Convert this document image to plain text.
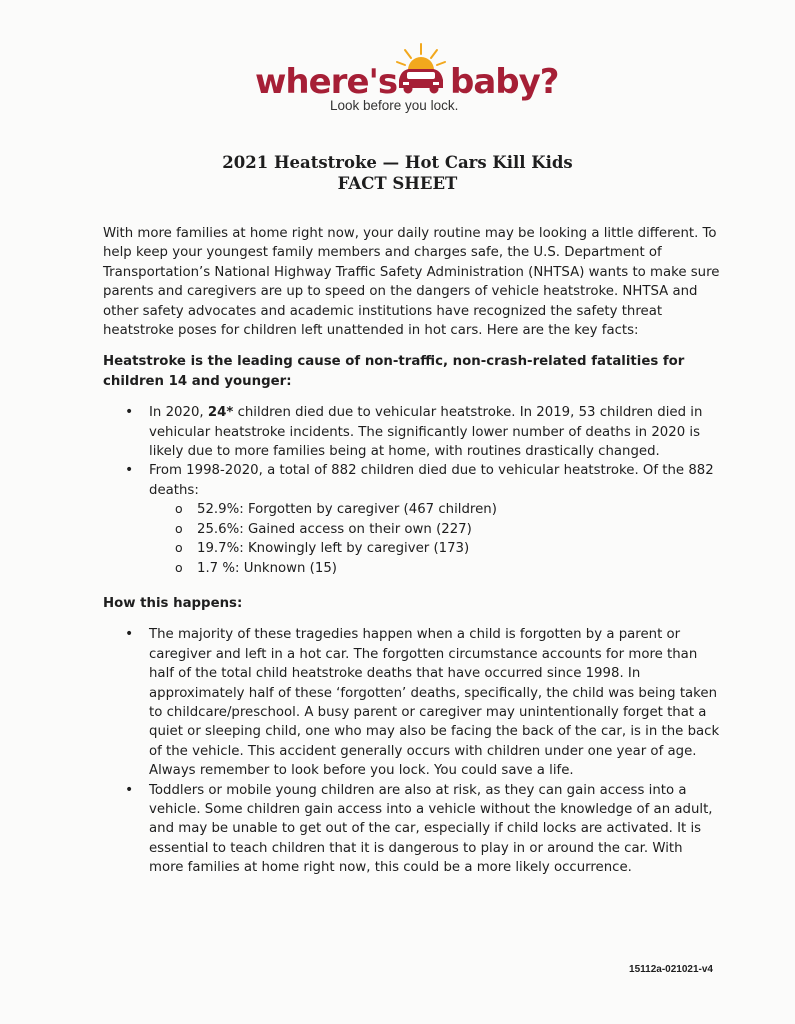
where's baby?
Look before you lock.
2021 Heatstroke — Hot Cars Kill Kids
FACT SHEET

With more families at home right now, your daily routine may be looking a little different. To help keep your youngest family members and charges safe, the U.S. Department of Transportation’s National Highway Traffic Safety Administration (NHTSA) wants to make sure parents and caregivers are up to speed on the dangers of vehicle heatstroke. NHTSA and other safety advocates and academic institutions have recognized the safety threat heatstroke poses for children left unattended in hot cars. Here are the key facts:

Heatstroke is the leading cause of non-traffic, non-crash-related fatalities for children 14 and younger:
• In 2020, 24* children died due to vehicular heatstroke. In 2019, 53 children died in vehicular heatstroke incidents. The significantly lower number of deaths in 2020 is likely due to more families being at home, with routines drastically changed.
• From 1998-2020, a total of 882 children died due to vehicular heatstroke. Of the 882 deaths:
o 52.9%: Forgotten by caregiver (467 children)
o 25.6%: Gained access on their own (227)
o 19.7%: Knowingly left by caregiver (173)
o 1.7 %: Unknown (15)
How this happens:
• The majority of these tragedies happen when a child is forgotten by a parent or caregiver and left in a hot car. The forgotten circumstance accounts for more than half of the total child heatstroke deaths that have occurred since 1998. In approximately half of these ‘forgotten’ deaths, specifically, the child was being taken to childcare/preschool. A busy parent or caregiver may unintentionally forget that a quiet or sleeping child, one who may also be facing the back of the car, is in the back of the vehicle. This accident generally occurs with children under one year of age. Always remember to look before you lock. You could save a life.
• Toddlers or mobile young children are also at risk, as they can gain access into a vehicle. Some children gain access into a vehicle without the knowledge of an adult, and may be unable to get out of the car, especially if child locks are activated. It is essential to teach children that it is dangerous to play in or around the car. With more families at home right now, this could be a more likely occurrence.
15112a-021021-v4
